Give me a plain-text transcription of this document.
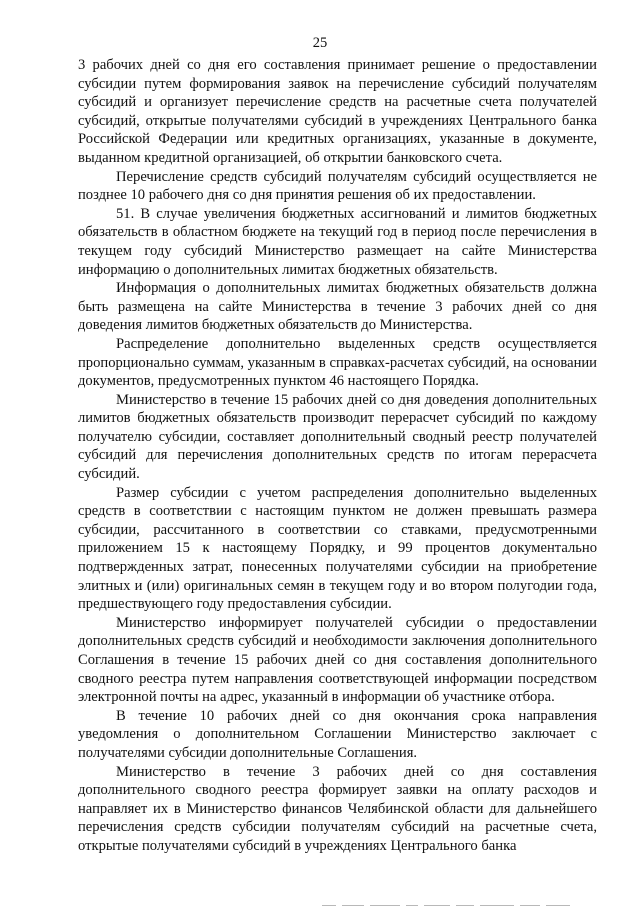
25

3 рабочих дней со дня его составления принимает решение о предоставлении субсидии путем формирования заявок на перечисление субсидий получателям субсидий и организует перечисление средств на расчетные счета получателей субсидий, открытые получателями субсидий в учреждениях Центрального банка Российской Федерации или кредитных организациях, указанные в документе, выданном кредитной организацией, об открытии банковского счета.

Перечисление средств субсидий получателям субсидий осуществляется не позднее 10 рабочего дня со дня принятия решения об их предоставлении.

51. В случае увеличения бюджетных ассигнований и лимитов бюджетных обязательств в областном бюджете на текущий год в период после перечисления в текущем году субсидий Министерство размещает на сайте Министерства информацию о дополнительных лимитах бюджетных обязательств.

Информация о дополнительных лимитах бюджетных обязательств должна быть размещена на сайте Министерства в течение 3 рабочих дней со дня доведения лимитов бюджетных обязательств до Министерства.

Распределение дополнительно выделенных средств осуществляется пропорционально суммам, указанным в справках-расчетах субсидий, на основании документов, предусмотренных пунктом 46 настоящего Порядка.

Министерство в течение 15 рабочих дней со дня доведения дополнительных лимитов бюджетных обязательств производит перерасчет субсидий по каждому получателю субсидии, составляет дополнительный сводный реестр получателей субсидий для перечисления дополнительных средств по итогам перерасчета субсидий.

Размер субсидии с учетом распределения дополнительно выделенных средств в соответствии с настоящим пунктом не должен превышать размера субсидии, рассчитанного в соответствии со ставками, предусмотренными приложением 15 к настоящему Порядку, и 99 процентов документально подтвержденных затрат, понесенных получателями субсидии на приобретение элитных и (или) оригинальных семян в текущем году и во втором полугодии года, предшествующего году предоставления субсидии.

Министерство информирует получателей субсидии о предоставлении дополнительных средств субсидий и необходимости заключения дополнительного Соглашения в течение 15 рабочих дней со дня составления дополнительного сводного реестра путем направления соответствующей информации посредством электронной почты на адрес, указанный в информации об участнике отбора.

В течение 10 рабочих дней со дня окончания срока направления уведомления о дополнительном Соглашении Министерство заключает с получателями субсидии дополнительные Соглашения.

Министерство в течение 3 рабочих дней со дня составления дополнительного сводного реестра формирует заявки на оплату расходов и направляет их в Министерство финансов Челябинской области для дальнейшего перечисления средств субсидии получателям субсидий на расчетные счета, открытые получателями субсидий в учреждениях Центрального банка
